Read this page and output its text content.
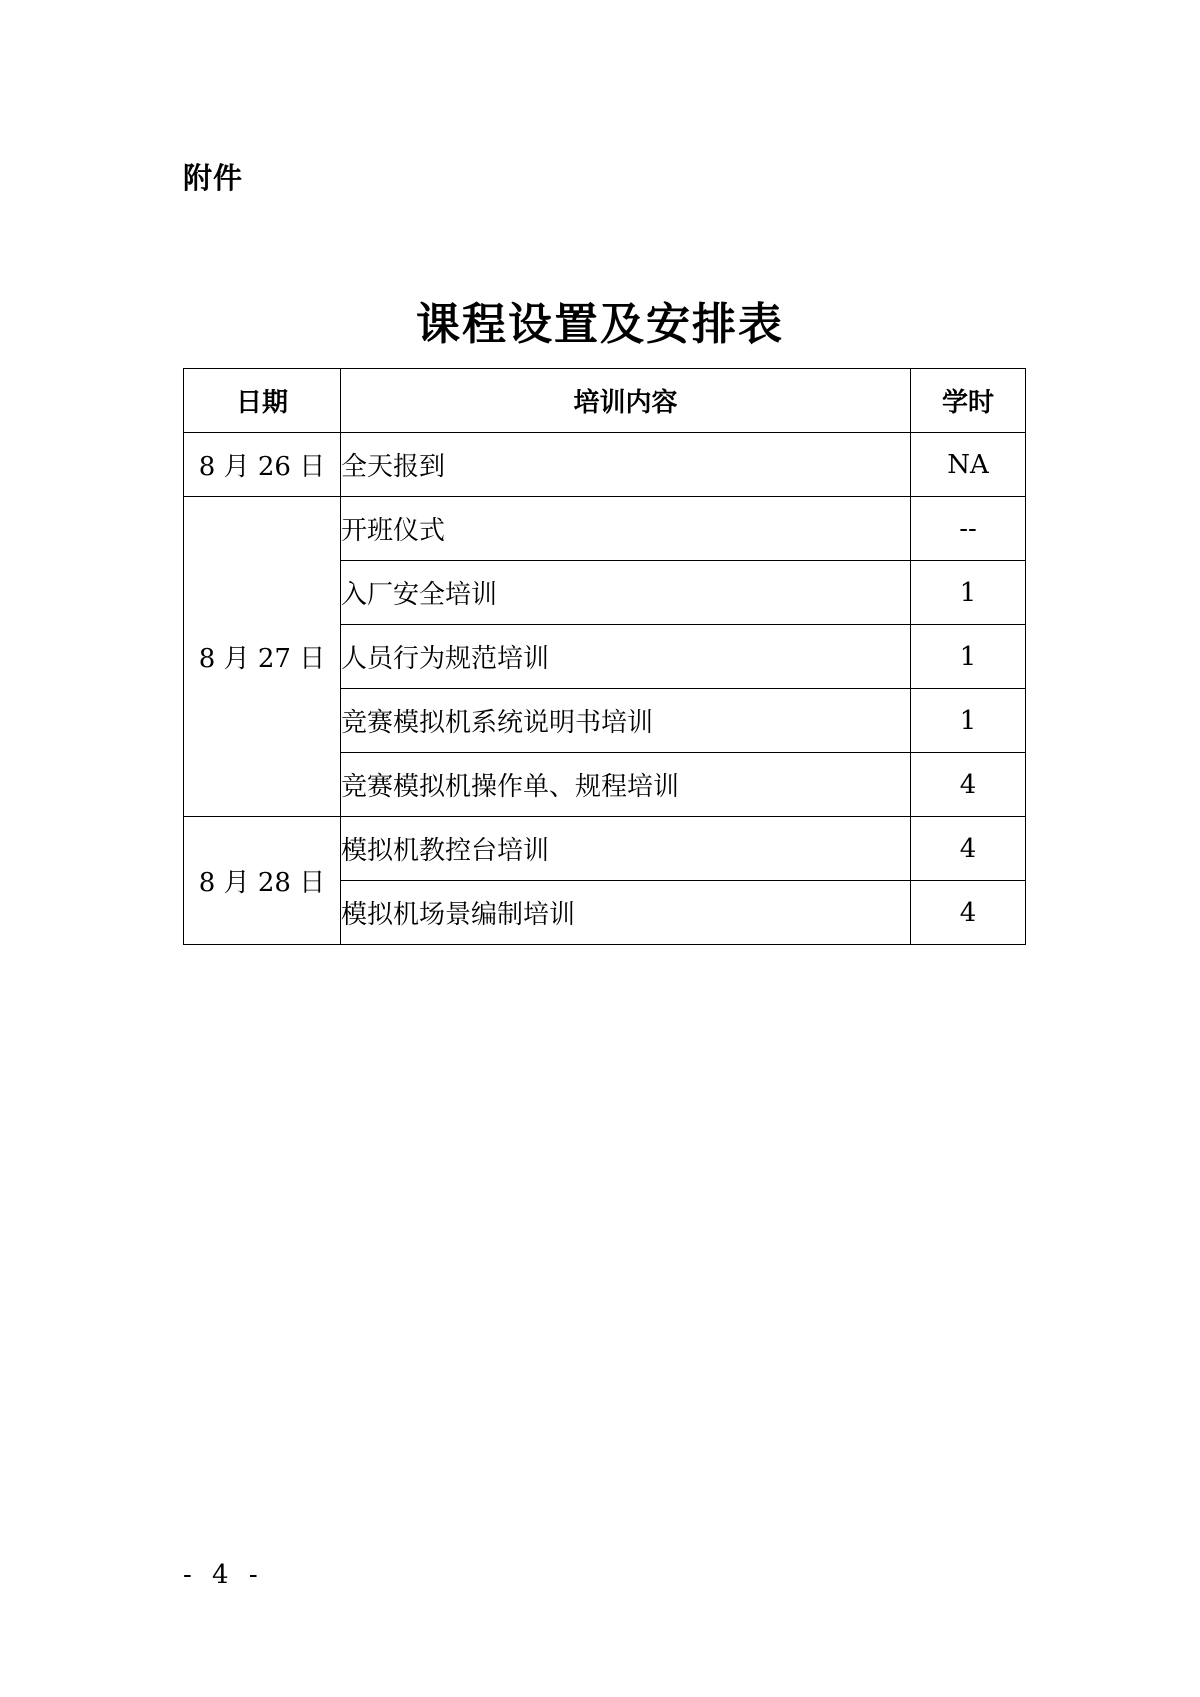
附件
课程设置及安排表
日期	培训内容	学时
8 月 26 日	全天报到	NA
8 月 27 日	开班仪式	--
	入厂安全培训	1
	人员行为规范培训	1
	竞赛模拟机系统说明书培训	1
	竞赛模拟机操作单、规程培训	4
8 月 28 日	模拟机教控台培训	4
	模拟机场景编制培训	4
- 4 -
